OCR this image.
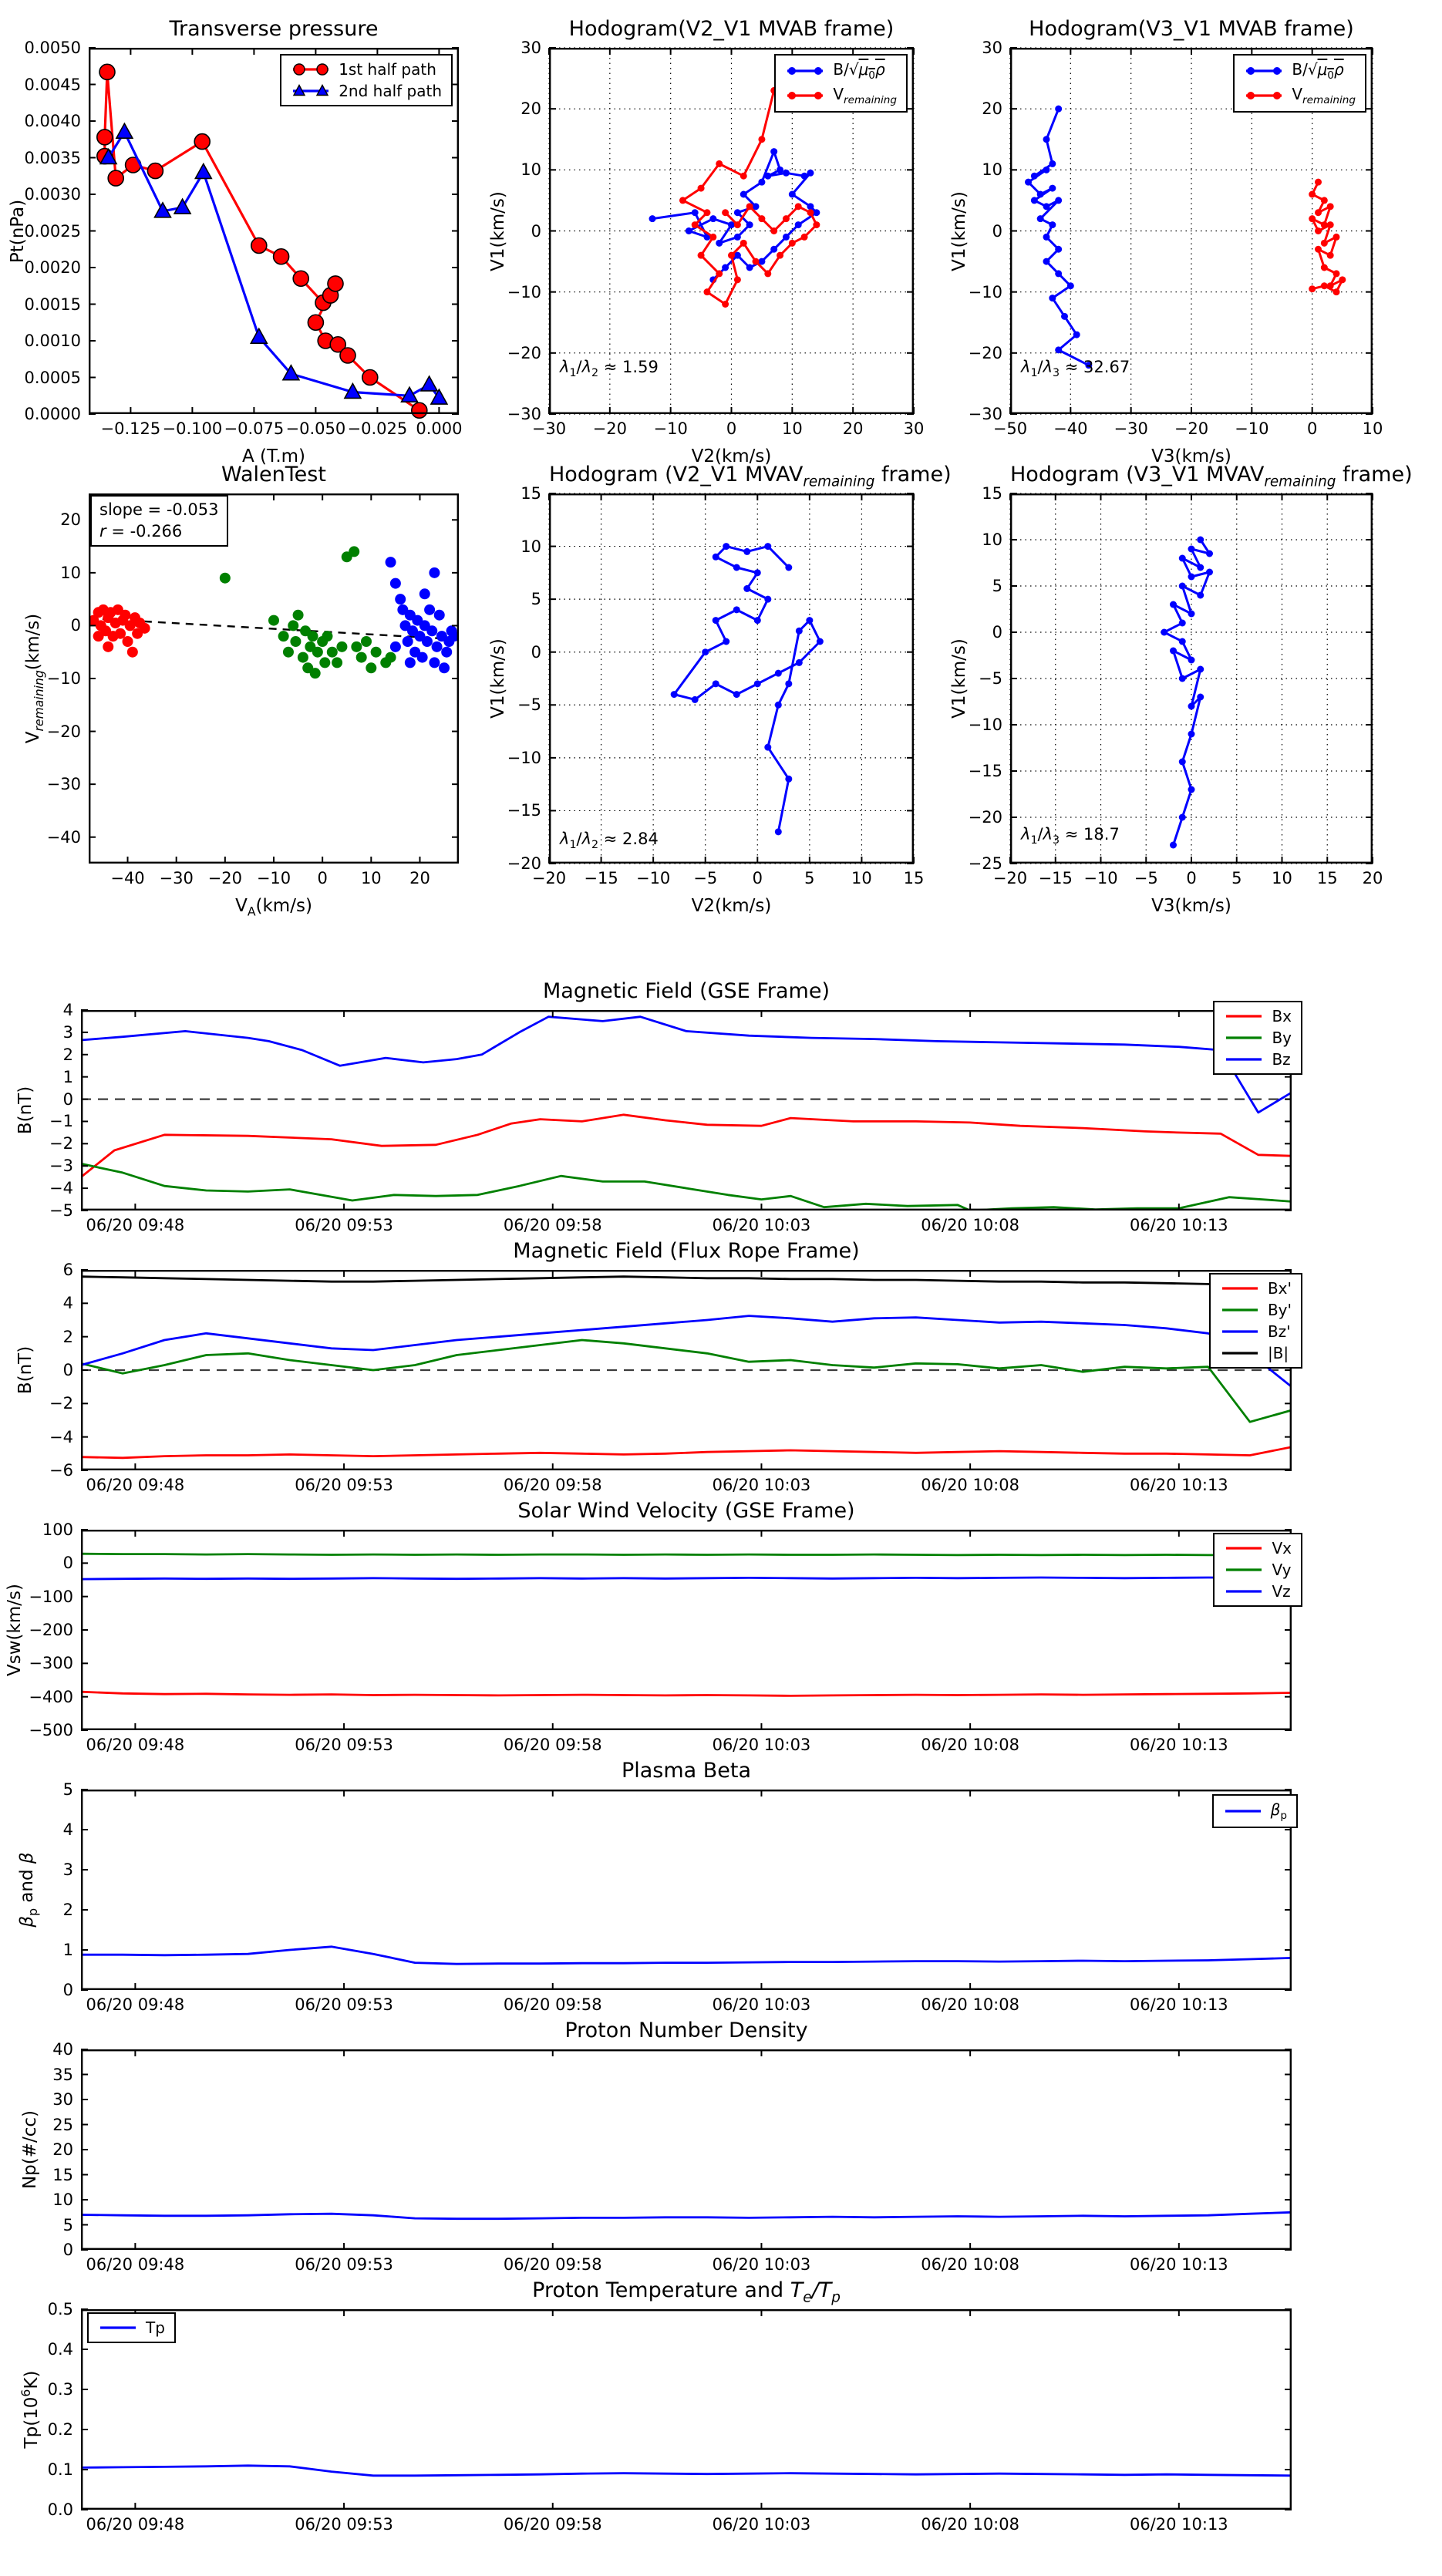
Transverse pressure
0.0000
0.0005
0.0010
0.0015
0.0020
0.0025
0.0030
0.0035
0.0040
0.0045
0.0050
−0.125 −0.100 −0.075 −0.050 −0.025 0.000
Pt(nPa)
A (T.m)
1st half path
2nd half path
Hodogram(V2_V1 MVAB frame)
−30
−20
−10
0
10
20
30
−30	−20	−10	0	10	20	30
V1(km/s)
V2(km/s)
$B/√\mu_0\rho$
$V_{remaining}$
$\lambda_1/\lambda_2 \approx 1.59$
Hodogram(V3_V1 MVAB frame)
−30
−20
−10
0
10
20
30
−50	−40	−30	−20	−10	0	10
V1(km/s)
V3(km/s)
$B/√\mu_0\rho$
$V_{remaining}$
$\lambda_1/\lambda_3 \approx 32.67$
WalenTest
−40
−30
−20
−10
0
10
20
−40 −30 −20 −10	0	10	20
$V_{remaining}(km/s)$
$V_A(km/s)$
slope = -0.053
r = -0.266
Hodogram (V2_V1 $MVAV_{remaining}$ frame)
−20
−15
−10
−5
0
5
10
15
−20	−15	−10	−5	0	5	10	15
V1(km/s)
V2(km/s)
$\lambda_1/\lambda_2 \approx 2.84$
Hodogram (V3_V1 $MVAV_{remaining}$ frame)
−25
−20
−15
−10
−5
0
5
10
15
−20 −15 −10	−5	0	5	10	15	20
V1(km/s)
V3(km/s)
$\lambda_1/\lambda_3 \approx 18.7$
Magnetic Field (GSE Frame)
−5
−4
−3
−2
−1
0
1
2
3
4
06/20 09:48	06/20 09:53	06/20 09:58	06/20 10:03	06/20 10:08	06/20 10:13
B(nT)
Bx
By
Bz
Magnetic Field (Flux Rope Frame)
−6
−4
−2
0
2
4
6
06/20 09:48	06/20 09:53	06/20 09:58	06/20 10:03	06/20 10:08	06/20 10:13
B(nT)
Bx'
By'
Bz'
|B|
Solar Wind Velocity (GSE Frame)
−500
−400
−300
−200
−100
0
100
06/20 09:48	06/20 09:53	06/20 09:58	06/20 10:03	06/20 10:08	06/20 10:13
Vsw(km/s)
Vx
Vy
Vz
Plasma Beta
0
1
2
3
4
5
06/20 09:48	06/20 09:53	06/20 09:58	06/20 10:03	06/20 10:08	06/20 10:13
$\beta_p$ and β
$\beta_p$
Proton Number Density
0
5
10
15
20
25
30
35
40
06/20 09:48	06/20 09:53	06/20 09:58	06/20 10:03	06/20 10:08	06/20 10:13
Np(#/cc)
Proton Temperature and $T_e/T_p$
0.0
0.1
0.2
0.3
0.4
0.5
06/20 09:48	06/20 09:53	06/20 09:58	06/20 10:03	06/20 10:08	06/20 10:13
$Tp(10^6K)$
Tp
